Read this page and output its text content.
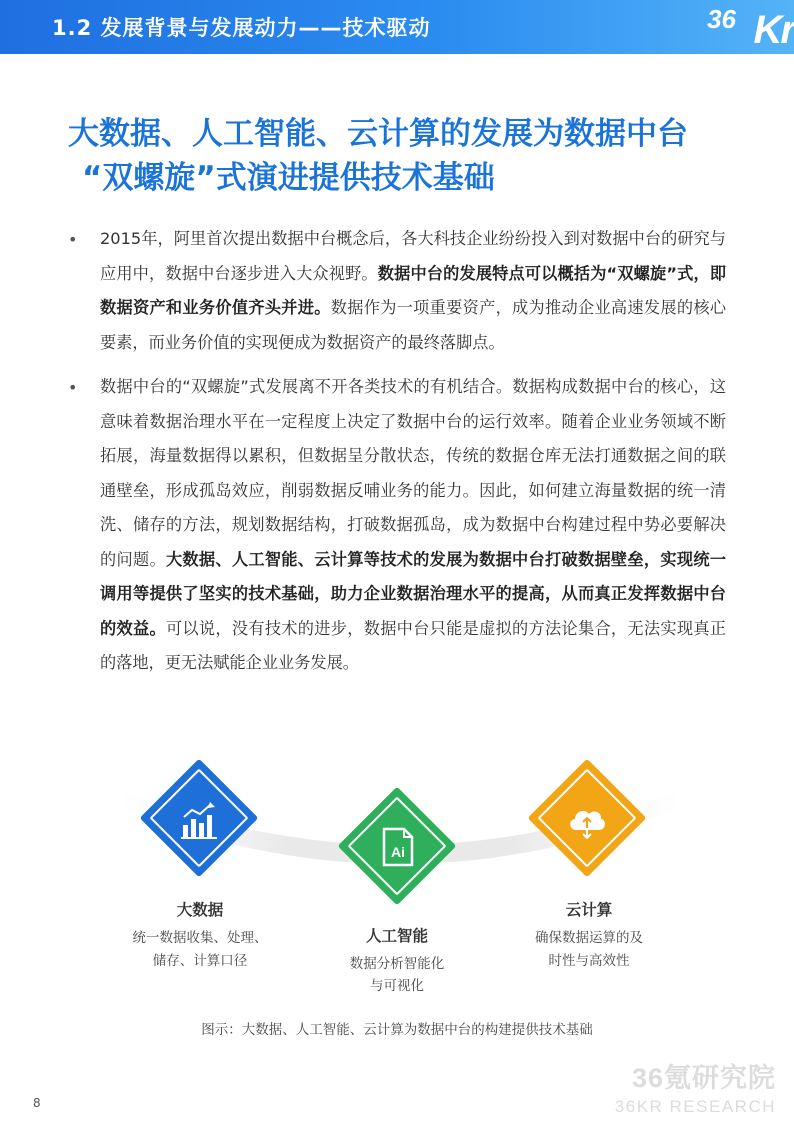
1.2 发展背景与发展动力——技术驱动	36 Kr
大数据、人工智能、云计算的发展为数据中台
“双螺旋”式演进提供技术基础
• 2015年，阿里首次提出数据中台概念后，各大科技企业纷纷投入到对数据中台的研究与应用中，数据中台逐步进入大众视野。数据中台的发展特点可以概括为“双螺旋”式，即数据资产和业务价值齐头并进。数据作为一项重要资产，成为推动企业高速发展的核心要素，而业务价值的实现便成为数据资产的最终落脚点。

• 数据中台的“双螺旋”式发展离不开各类技术的有机结合。数据构成数据中台的核心，这意味着数据治理水平在一定程度上决定了数据中台的运行效率。随着企业业务领域不断拓展，海量数据得以累积，但数据呈分散状态，传统的数据仓库无法打通数据之间的联通壁垒，形成孤岛效应，削弱数据反哺业务的能力。因此，如何建立海量数据的统一清洗、储存的方法，规划数据结构，打破数据孤岛，成为数据中台构建过程中势必要解决的问题。大数据、人工智能、云计算等技术的发展为数据中台打破数据壁垒，实现统一调用等提供了坚实的技术基础，助力企业数据治理水平的提高，从而真正发挥数据中台的效益。可以说，没有技术的进步，数据中台只能是虚拟的方法论集合，无法实现真正的落地，更无法赋能企业业务发展。

大数据
统一数据收集、处理、
储存、计算口径
Ai
人工智能
数据分析智能化
与可视化
云计算
确保数据运算的及
时性与高效性
图示：大数据、人工智能、云计算为数据中台的构建提供技术基础
36氪研究院
36KR RESEARCH
8
